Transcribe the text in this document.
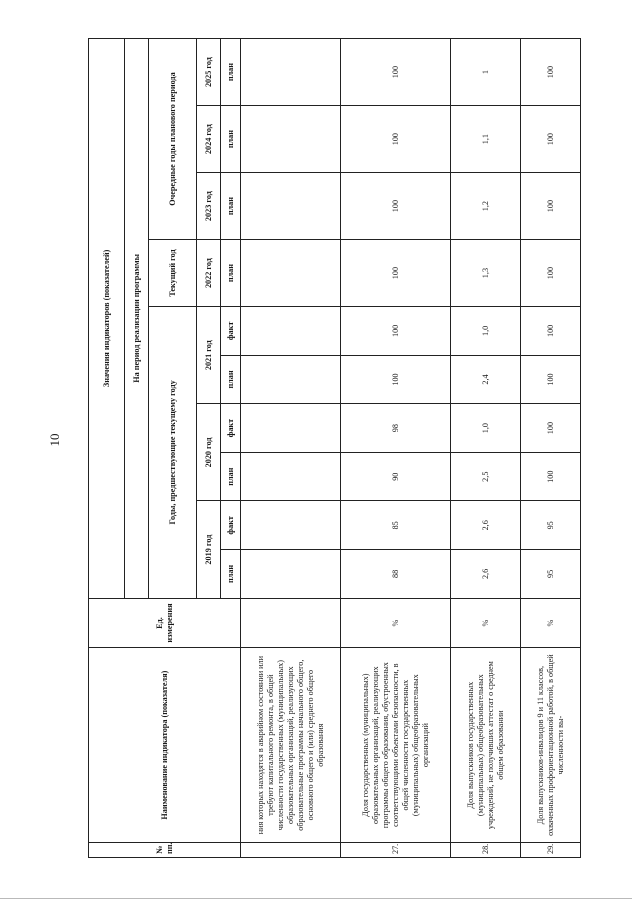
10
№ пп.	Наименование индикатора (показателя)	Ед. измерения	Значения индикаторов (показателей)									
			На период реализации программы									
			Годы, предшествующие текущему году						Текущий год	Очередные годы планового периода		
			2019 год		2020 год		2021 год		2022 год	2023 год	2024 год	2025 год
			план	факт	план	факт	план	факт	план	план	план	план
	ния которых находятся в аварийном состоянии или требуют капитального ремонта, в общей численности государственных (муниципальных) образовательных организаций, реализующих образовательные программы начального общего, основного общего и (или) среднего общего образования											
27.	Доля государственных (муниципальных) образовательных организаций, реализующих программы общего образования, обустроенных соответствующими объектами безопасности, в общей численности государственных (муниципальных) общеобразовательных организаций	%	88	85	90	98	100	100	100	100	100	100
28.	Доля выпускников государственных (муниципальных) общеобразовательных учреждений, не получивших аттестат о среднем общем образовании	%	2,6	2,6	2,5	1,0	2,4	1,0	1,3	1,2	1,1	1
29.	Доля выпускников-инвалидов 9 и 11 классов, охваченных профориентационной работой, в общей численности вы-	%	95	95	100	100	100	100	100	100	100	100
